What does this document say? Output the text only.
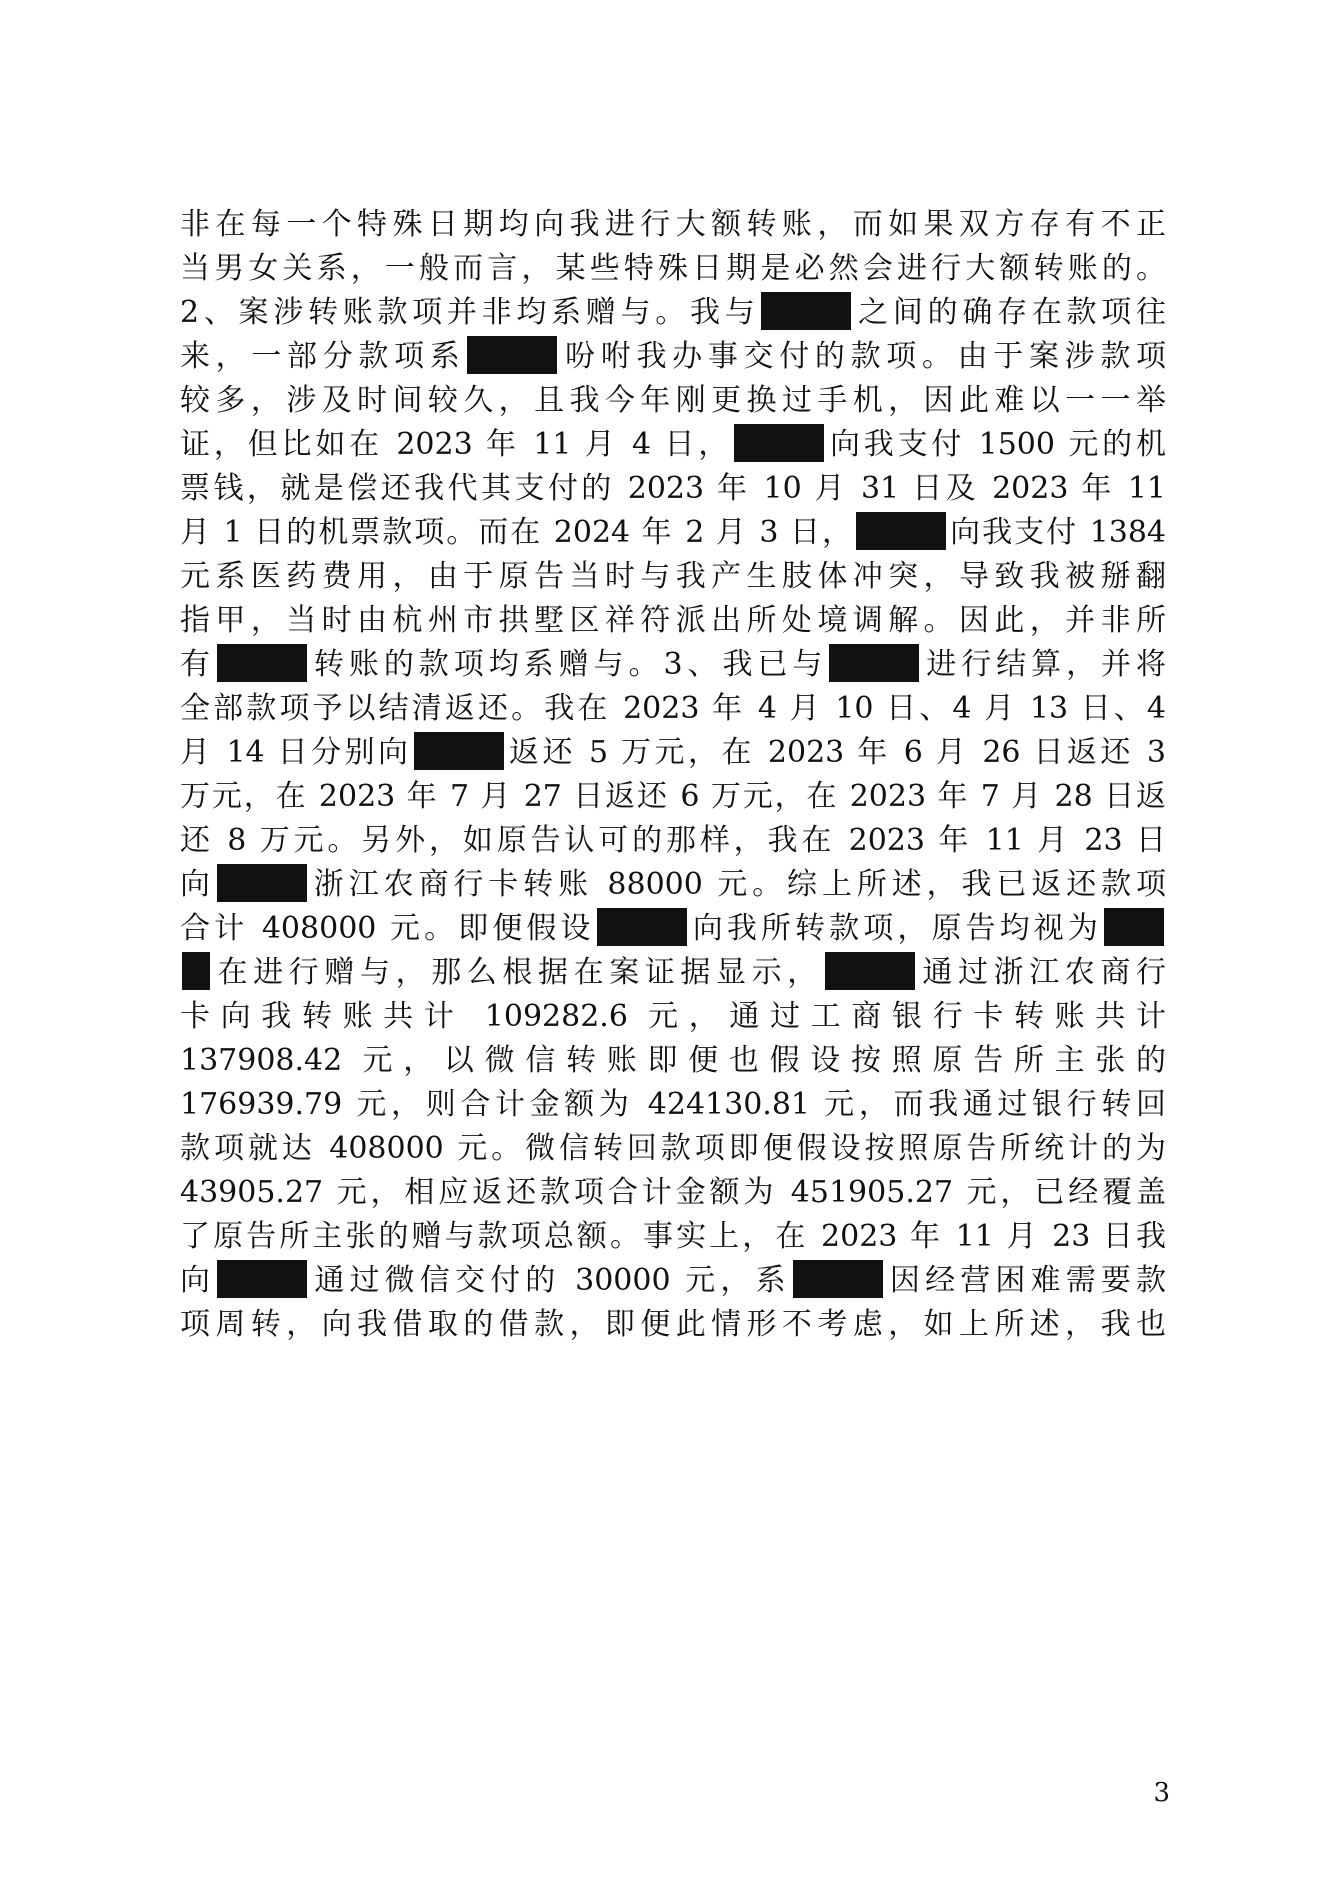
非在每一个特殊日期均向我进行大额转账，而如果双方存有不正
当男女关系，一般而言，某些特殊日期是必然会进行大额转账的。
2、案涉转账款项并非均系赠与。我与	之间的确存在款项往
来，一部分款项系	吩咐我办事交付的款项。由于案涉款项
较多，涉及时间较久，且我今年刚更换过手机，因此难以一一举
证，但比如在 2023 年 11 月 4 日，	向我支付 1500 元的机
票钱，就是偿还我代其支付的 2023 年 10 月 31 日及 2023 年 11
月 1 日的机票款项。而在 2024 年 2 月 3 日，	向我支付 1384
元系医药费用，由于原告当时与我产生肢体冲突，导致我被掰翻
指甲，当时由杭州市拱墅区祥符派出所处境调解。因此，并非所
有	转账的款项均系赠与。3、我已与	进行结算，并将
全部款项予以结清返还。我在 2023 年 4 月 10 日、4 月 13 日、4
月 14 日分别向	返还 5 万元，在 2023 年 6 月 26 日返还 3
万元，在 2023 年 7 月 27 日返还 6 万元，在 2023 年 7 月 28 日返
还 8 万元。另外，如原告认可的那样，我在 2023 年 11 月 23 日
向	浙江农商行卡转账 88000 元。综上所述，我已返还款项
合计 408000 元。即便假设	向我所转款项，原告均视为
在进行赠与，那么根据在案证据显示，	通过浙江农商行
卡向我转账共计 109282.6 元，通过工商银行卡转账共计
137908.42 元，以微信转账即便也假设按照原告所主张的
176939.79 元，则合计金额为 424130.81 元，而我通过银行转回
款项就达 408000 元。微信转回款项即便假设按照原告所统计的为
43905.27 元，相应返还款项合计金额为 451905.27 元，已经覆盖
了原告所主张的赠与款项总额。事实上，在 2023 年 11 月 23 日我
向	通过微信交付的 30000 元，系	因经营困难需要款
项周转，向我借取的借款，即便此情形不考虑，如上所述，我也
3
